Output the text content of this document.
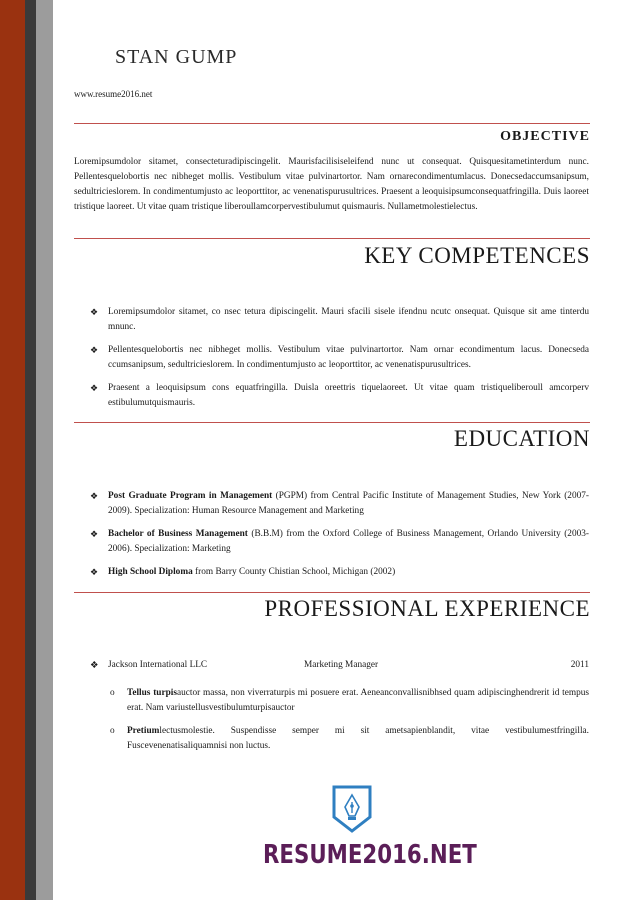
STAN GUMP
www.resume2016.net
OBJECTIVE
Loremipsumdolor sitamet, consecteturadipiscingelit. Maurisfacilisiseleifend nunc ut consequat. Quisquesitametinterdum nunc. Pellentesquelobortis nec nibheget mollis. Vestibulum vitae pulvinartortor. Nam ornarecondimentumlacus. Donecsedaccumsanipsum, sedultricieslorem. In condimentumjusto ac leoporttitor, ac venenatispurusultrices. Praesent a leoquisipsumconsequatfringilla. Duis laoreet tristique laoreet. Ut vitae quam tristique liberoullamcorpervestibulumut quismauris. Nullametmolestielectus.
KEY COMPETENCES
❖ Loremipsumdolor sitamet, co nsec tetura dipiscingelit. Mauri sfacili sisele ifendnu ncutc onsequat. Quisque sit ame tinterdu mnunc.
❖ Pellentesquelobortis nec nibheget mollis. Vestibulum vitae pulvinartortor. Nam ornar econdimentum lacus. Donecseda ccumsanipsum, sedultricieslorem. In condimentumjusto ac leoporttitor, ac venenatispurusultrices.
❖ Praesent a leoquisipsum cons equatfringilla. Duisla oreettris tiquelaoreet. Ut vitae quam tristiqueliberoull amcorperv estibulumutquismauris.
EDUCATION
❖ Post Graduate Program in Management (PGPM) from Central Pacific Institute of Management Studies, New York (2007-2009). Specialization: Human Resource Management and Marketing
❖ Bachelor of Business Management (B.B.M) from the Oxford College of Business Management, Orlando University (2003-2006). Specialization: Marketing
❖ High School Diploma from Barry County Chistian School, Michigan (2002)
PROFESSIONAL EXPERIENCE
❖ Jackson International LLC	Marketing Manager	2011
o Tellus turpisauctor massa, non viverraturpis mi posuere erat. Aeneanconvallisnibhsed quam adipiscinghendrerit id tempus erat. Nam variustellusvestibulumturpisauctor
o Pretiumlectusmolestie. Suspendisse semper mi sit ametsapienblandit, vitae vestibulumestfringilla. Fuscevenenatisaliquamnisi non luctus.
RESUME2016.NET
